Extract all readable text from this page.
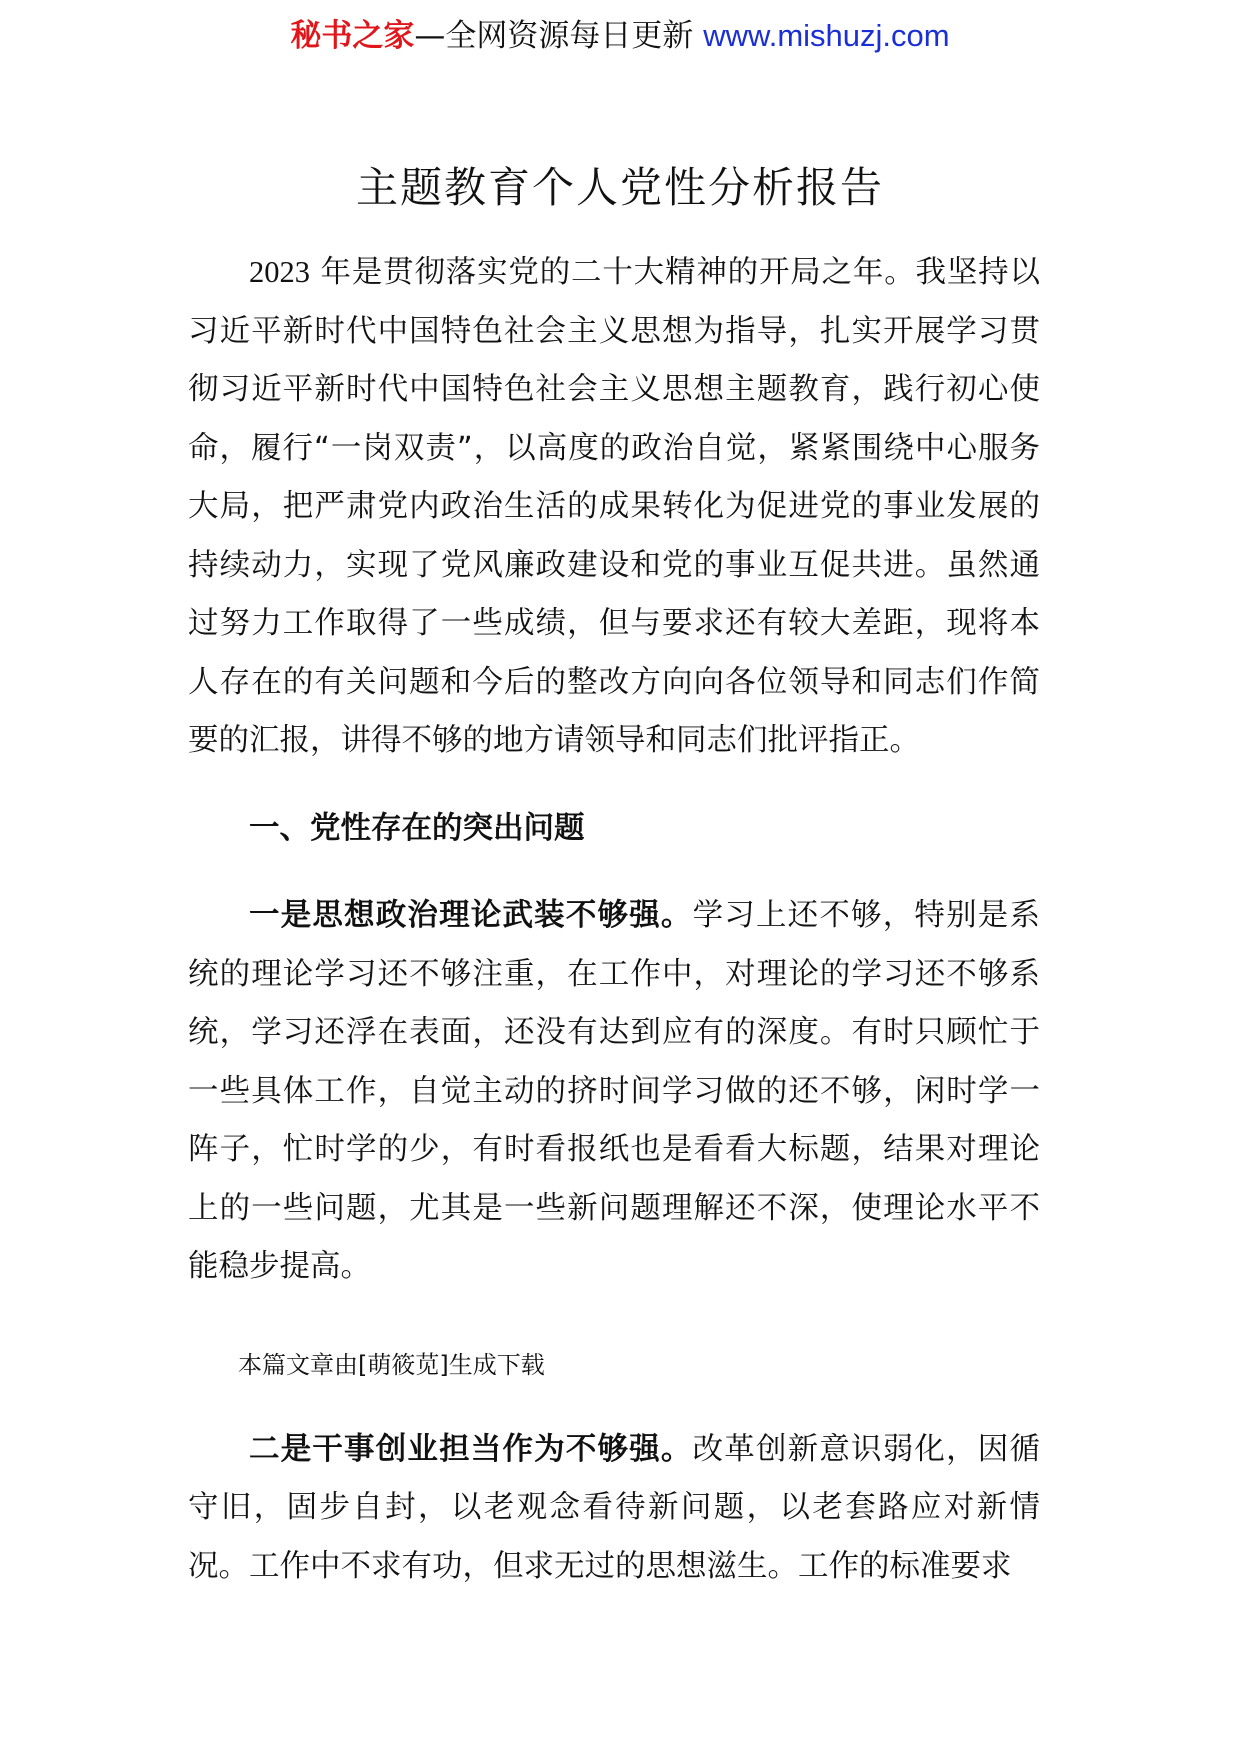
秘书之家—全网资源每日更新 www.mishuzj.com
主题教育个人党性分析报告

2023 年是贯彻落实党的二十大精神的开局之年。我坚持以习近平新时代中国特色社会主义思想为指导，扎实开展学习贯彻习近平新时代中国特色社会主义思想主题教育，践行初心使命，履行“一岗双责”，以高度的政治自觉，紧紧围绕中心服务大局，把严肃党内政治生活的成果转化为促进党的事业发展的持续动力，实现了党风廉政建设和党的事业互促共进。虽然通过努力工作取得了一些成绩，但与要求还有较大差距，现将本人存在的有关问题和今后的整改方向向各位领导和同志们作简要的汇报，讲得不够的地方请领导和同志们批评指正。

一、党性存在的突出问题

一是思想政治理论武装不够强。学习上还不够，特别是系统的理论学习还不够注重，在工作中，对理论的学习还不够系统，学习还浮在表面，还没有达到应有的深度。有时只顾忙于一些具体工作，自觉主动的挤时间学习做的还不够，闲时学一阵子，忙时学的少，有时看报纸也是看看大标题，结果对理论上的一些问题，尤其是一些新问题理解还不深，使理论水平不能稳步提高。

本篇文章由[萌筱苋]生成下载

二是干事创业担当作为不够强。改革创新意识弱化，因循守旧，固步自封，以老观念看待新问题，以老套路应对新情况。工作中不求有功，但求无过的思想滋生。工作的标准要求
